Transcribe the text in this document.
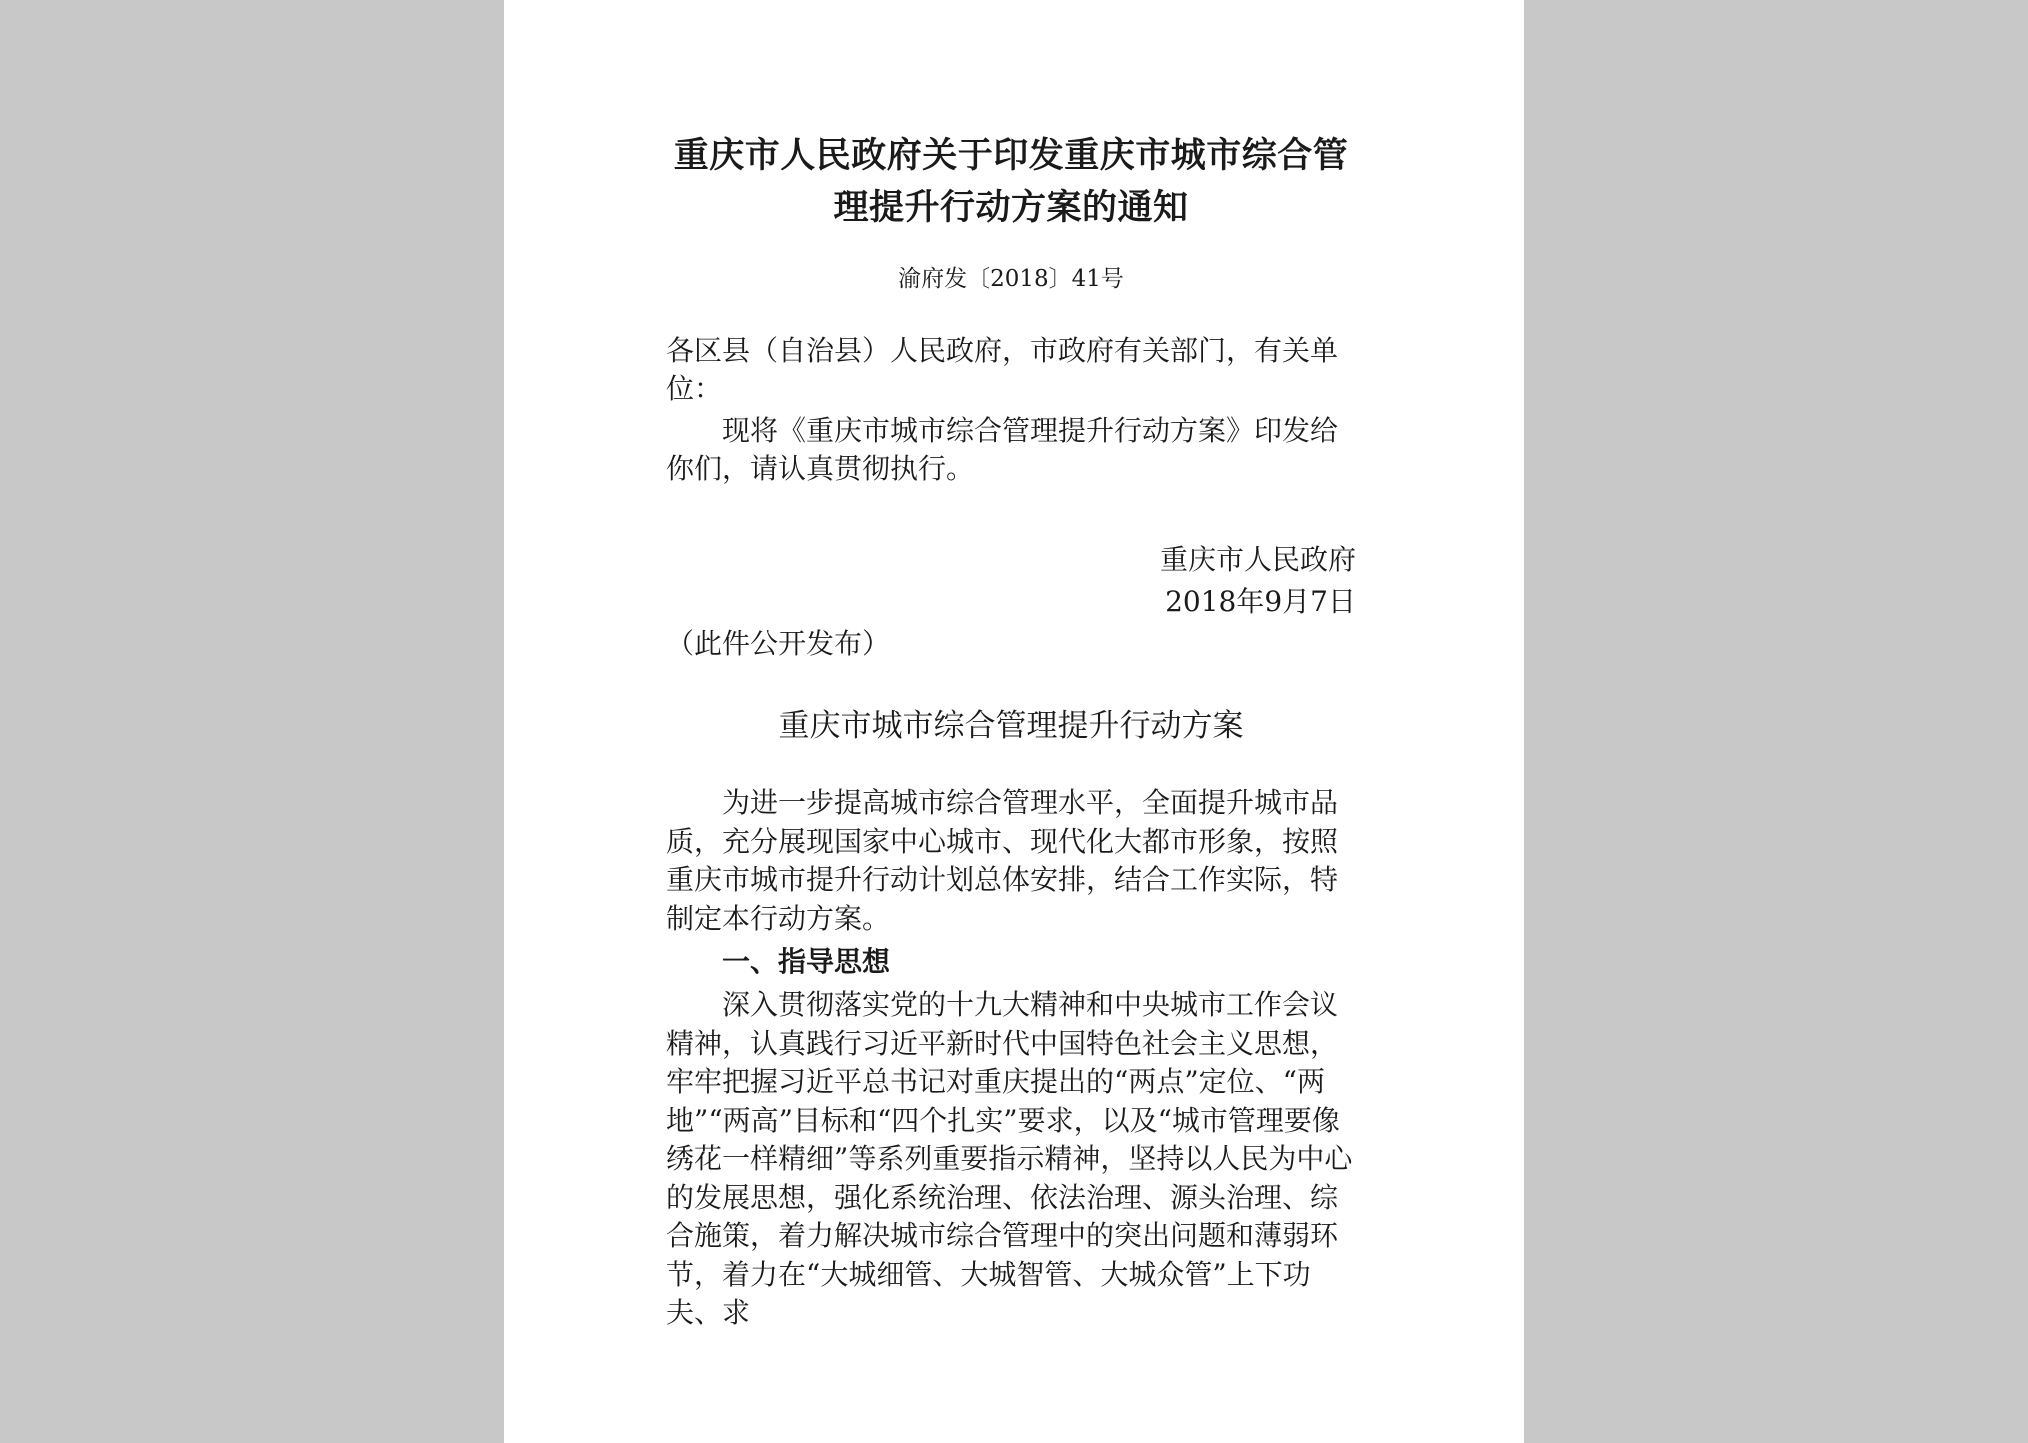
重庆市人民政府关于印发重庆市城市综合管理提升行动方案的通知
渝府发〔2018〕41号

各区县（自治县）人民政府，市政府有关部门，有关单位：

现将《重庆市城市综合管理提升行动方案》印发给你们，请认真贯彻执行。

重庆市人民政府
2018年9月7日
（此件公开发布）
重庆市城市综合管理提升行动方案

为进一步提高城市综合管理水平，全面提升城市品质，充分展现国家中心城市、现代化大都市形象，按照重庆市城市提升行动计划总体安排，结合工作实际，特制定本行动方案。

一、指导思想

深入贯彻落实党的十九大精神和中央城市工作会议精神，认真践行习近平新时代中国特色社会主义思想，牢牢把握习近平总书记对重庆提出的“两点”定位、“两地”“两高”目标和“四个扎实”要求，以及“城市管理要像绣花一样精细”等系列重要指示精神，坚持以人民为中心的发展思想，强化系统治理、依法治理、源头治理、综合施策，着力解决城市综合管理中的突出问题和薄弱环节，着力在“大城细管、大城智管、大城众管”上下功夫、求
